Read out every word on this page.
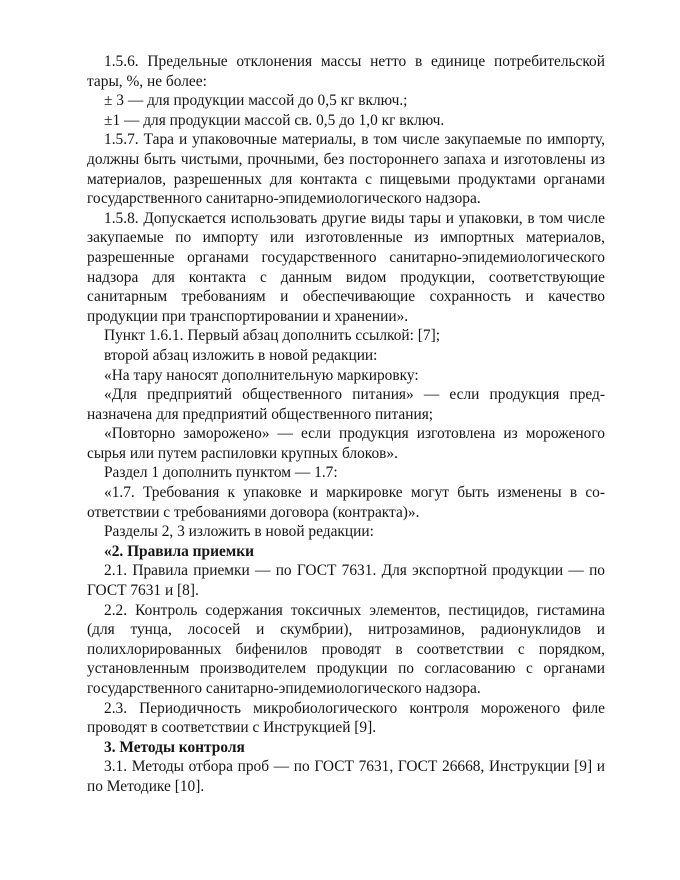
1.5.6. Предельные отклонения массы нетто в единице потребительской тары, %, не более:

± 3 — для продукции массой до 0,5 кг включ.;

±1 — для продукции массой св. 0,5 до 1,0 кг включ.

1.5.7. Тара и упаковочные материалы, в том числе закупаемые по импорту, должны быть чистыми, прочными, без постороннего запаха и изготовлены из материалов, разрешенных для контакта с пищевыми продуктами органами государственного санитарно-эпидемиологического надзора.

1.5.8. Допускается использовать другие виды тары и упаковки, в том числе закупаемые по импорту или изготовленные из импортных материалов, разрешенные органами государственного санитарно-эпидемиологического надзора для контакта с данным видом продукции, соответствующие санитарным требованиям и обеспечивающие сохранность и качество продукции при транспортировании и хранении».

Пункт 1.6.1. Первый абзац дополнить ссылкой: [7];

второй абзац изложить в новой редакции:

«На тару наносят дополнительную маркировку:

«Для предприятий общественного питания» — если продукция предназначена для предприятий общественного питания;

«Повторно заморожено» — если продукция изготовлена из мороженого сырья или путем распиловки крупных блоков».

Раздел 1 дополнить пунктом — 1.7:

«1.7. Требования к упаковке и маркировке могут быть изменены в соответствии с требованиями договора (контракта)».

Разделы 2, 3 изложить в новой редакции:

«2. Правила приемки

2.1. Правила приемки — по ГОСТ 7631. Для экспортной продукции — по ГОСТ 7631 и [8].

2.2. Контроль содержания токсичных элементов, пестицидов, гистамина (для тунца, лососей и скумбрии), нитрозаминов, радионуклидов и полихлорированных бифенилов проводят в соответствии с порядком, установленным производителем продукции по согласованию с органами государственного санитарно-эпидемиологического надзора.

2.3. Периодичность микробиологического контроля мороженого филе проводят в соответствии с Инструкцией [9].

3. Методы контроля

3.1. Методы отбора проб — по ГОСТ 7631, ГОСТ 26668, Инструкции [9] и по Методике [10].
